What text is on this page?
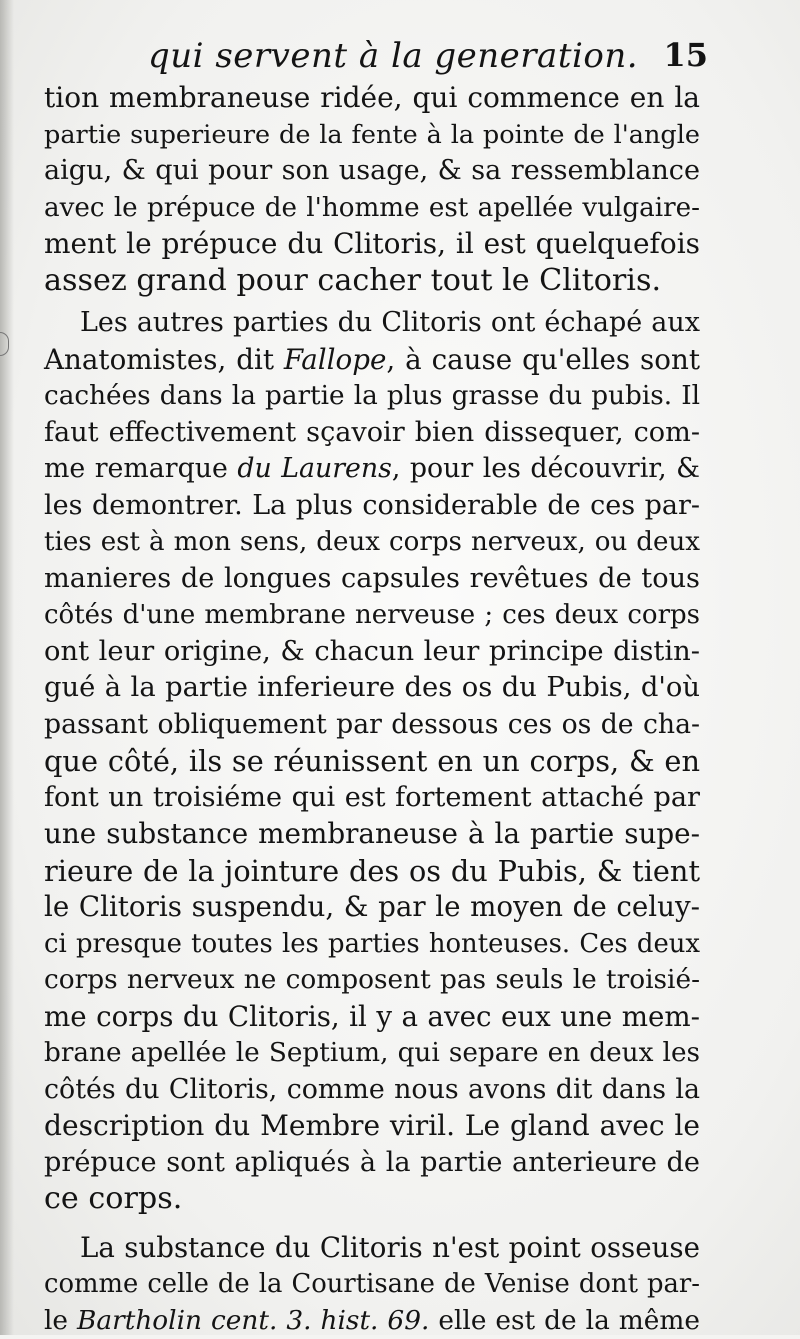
qui servent à la generation. 15
tion membraneuse ridée, qui commence en la
partie superieure de la fente à la pointe de l'angle
aigu, & qui pour son usage, & sa ressemblance
avec le prépuce de l'homme est apellée vulgaire-
ment le prépuce du Clitoris, il est quelquefois
assez grand pour cacher tout le Clitoris.
Les autres parties du Clitoris ont échapé aux
Anatomistes, dit Fallope, à cause qu'elles sont
cachées dans la partie la plus grasse du pubis. Il
faut effectivement sçavoir bien dissequer, com-
me remarque du Laurens, pour les découvrir, &
les demontrer. La plus considerable de ces par-
ties est à mon sens, deux corps nerveux, ou deux
manieres de longues capsules revêtues de tous
côtés d'une membrane nerveuse ; ces deux corps
ont leur origine, & chacun leur principe distin-
gué à la partie inferieure des os du Pubis, d'où
passant obliquement par dessous ces os de cha-
que côté, ils se réunissent en un corps, & en
font un troisiéme qui est fortement attaché par
une substance membraneuse à la partie supe-
rieure de la jointure des os du Pubis, & tient
le Clitoris suspendu, & par le moyen de celuy-
ci presque toutes les parties honteuses. Ces deux
corps nerveux ne composent pas seuls le troisié-
me corps du Clitoris, il y a avec eux une mem-
brane apellée le Septium, qui separe en deux les
côtés du Clitoris, comme nous avons dit dans la
description du Membre viril. Le gland avec le
prépuce sont apliqués à la partie anterieure de
ce corps.
La substance du Clitoris n'est point osseuse
comme celle de la Courtisane de Venise dont par-
le Bartholin cent. 3. hist. 69. elle est de la même
